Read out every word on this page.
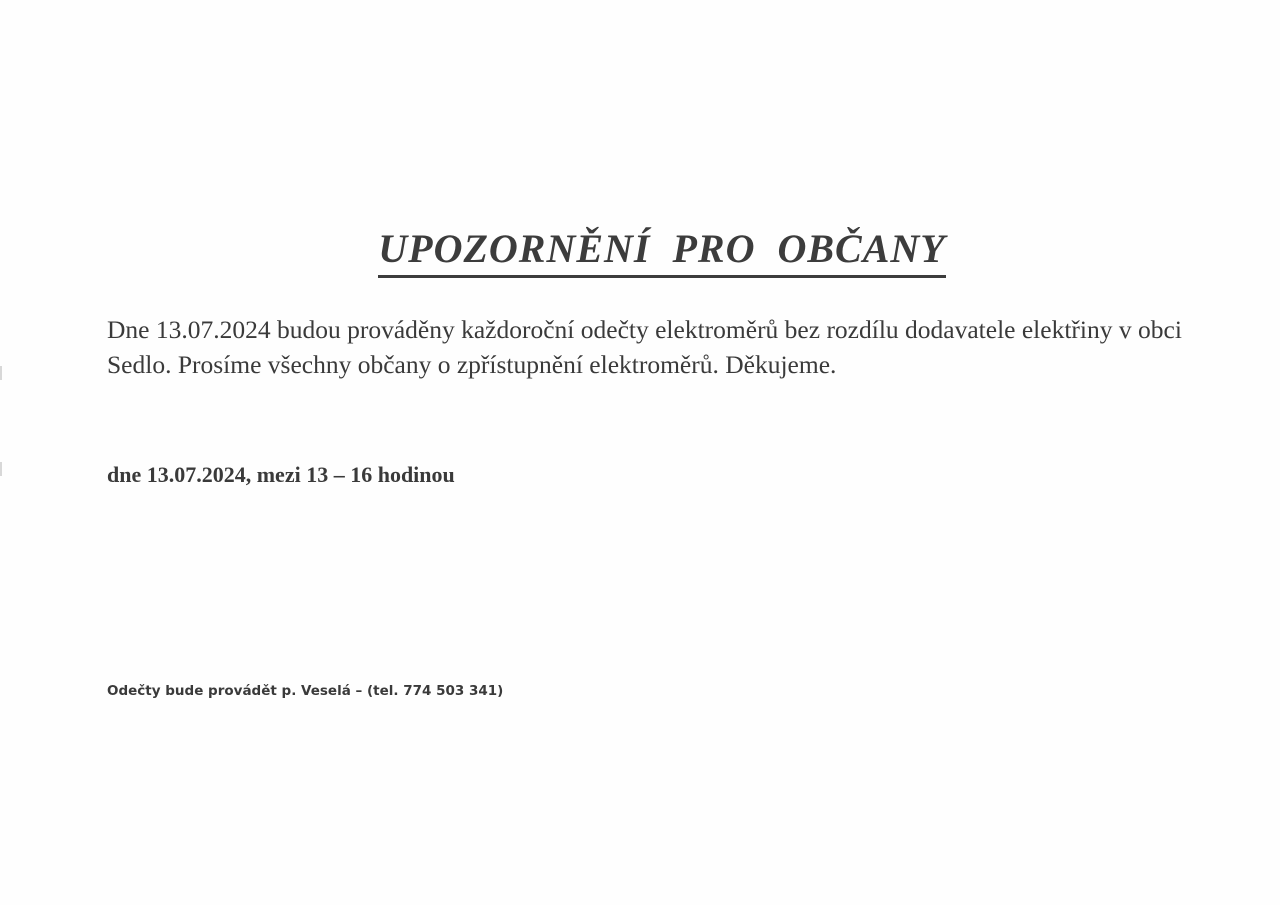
UPOZORNĚNÍ  PRO  OBČANY

Dne 13.07.2024 budou prováděny každoroční odečty elektroměrů bez rozdílu dodavatele elektřiny v obci Sedlo. Prosíme všechny občany o zpřístupnění elektroměrů. Děkujeme.

dne 13.07.2024, mezi 13 – 16 hodinou

Odečty bude provádět p. Veselá – (tel. 774 503 341)
